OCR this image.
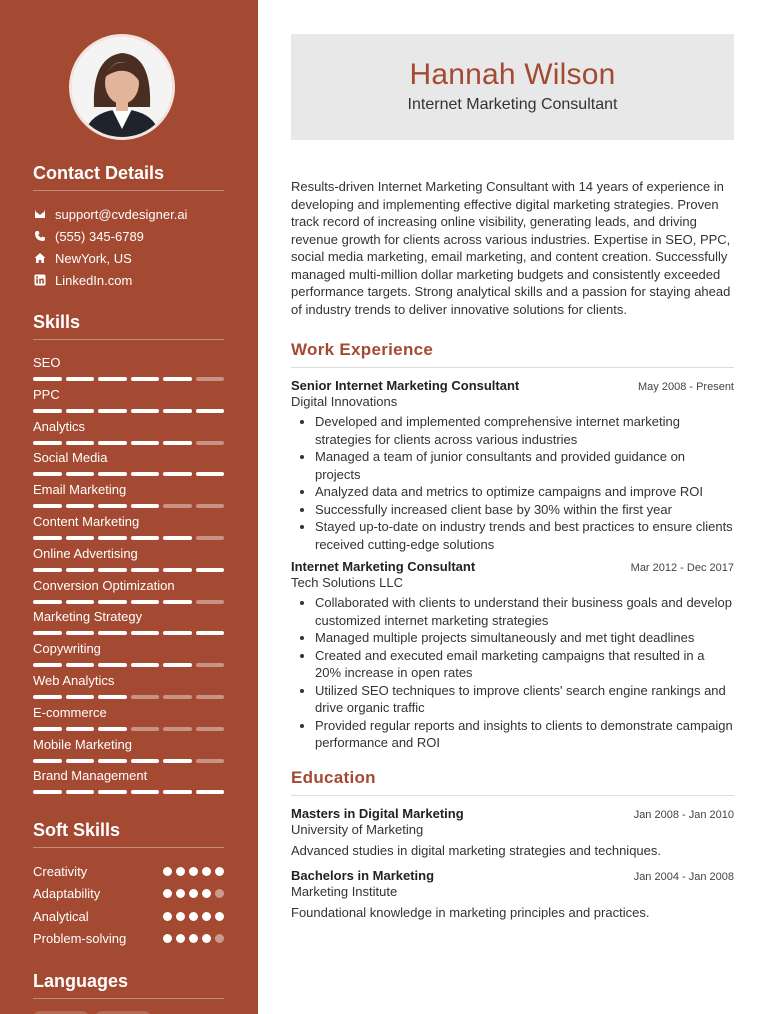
Contact Details
support@cvdesigner.ai
(555) 345-6789
NewYork, US
LinkedIn.com
Skills
SEO
PPC
Analytics
Social Media
Email Marketing
Content Marketing
Online Advertising
Conversion Optimization
Marketing Strategy
Copywriting
Web Analytics
E-commerce
Mobile Marketing
Brand Management
Soft Skills
Creativity
Adaptability
Analytical
Problem-solving
Languages
Hannah Wilson
Internet Marketing Consultant

Results-driven Internet Marketing Consultant with 14 years of experience in developing and implementing effective digital marketing strategies. Proven track record of increasing online visibility, generating leads, and driving revenue growth for clients across various industries. Expertise in SEO, PPC, social media marketing, email marketing, and content creation. Successfully managed multi-million dollar marketing budgets and consistently exceeded performance targets. Strong analytical skills and a passion for staying ahead of industry trends to deliver innovative solutions for clients.

Work Experience
Senior Internet Marketing Consultant	May 2008 - Present
Digital Innovations
• Developed and implemented comprehensive internet marketing strategies for clients across various industries
• Managed a team of junior consultants and provided guidance on projects
• Analyzed data and metrics to optimize campaigns and improve ROI
• Successfully increased client base by 30% within the first year
• Stayed up-to-date on industry trends and best practices to ensure clients received cutting-edge solutions
Internet Marketing Consultant	Mar 2012 - Dec 2017
Tech Solutions LLC
• Collaborated with clients to understand their business goals and develop customized internet marketing strategies
• Managed multiple projects simultaneously and met tight deadlines
• Created and executed email marketing campaigns that resulted in a 20% increase in open rates
• Utilized SEO techniques to improve clients' search engine rankings and drive organic traffic
• Provided regular reports and insights to clients to demonstrate campaign performance and ROI
Education
Masters in Digital Marketing	Jan 2008 - Jan 2010
University of Marketing
Advanced studies in digital marketing strategies and techniques.
Bachelors in Marketing	Jan 2004 - Jan 2008
Marketing Institute
Foundational knowledge in marketing principles and practices.
